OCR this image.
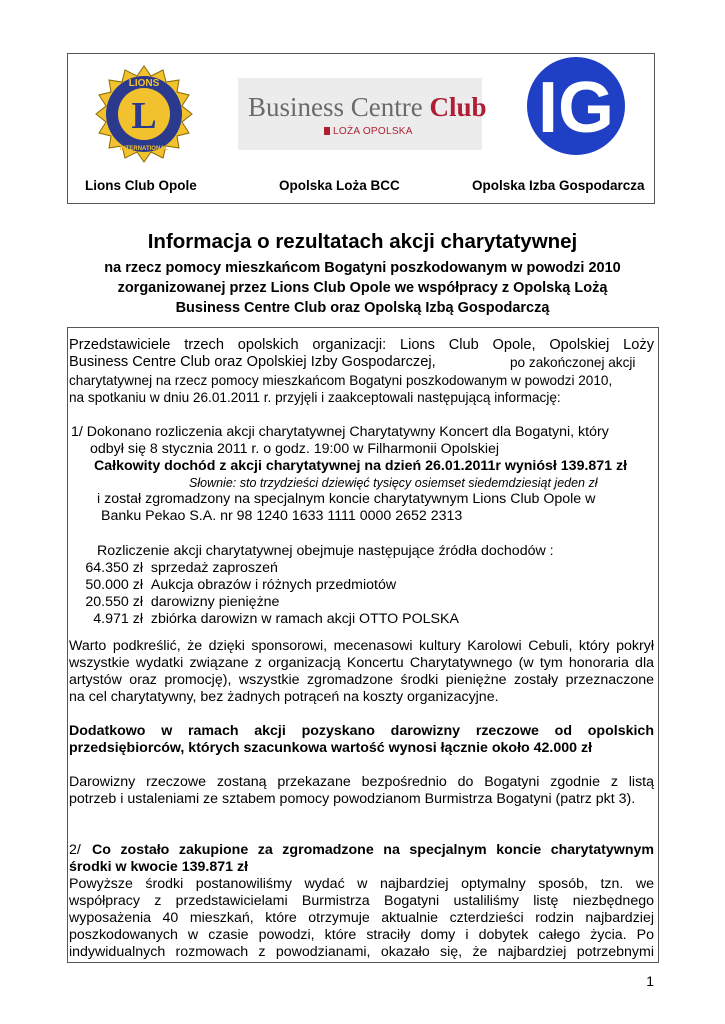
L
LIONS
INTERNATIONAL
Business Centre Club
LOŻA OPOLSKA IG
Lions Club Opole	Opolska Loża BCC	Opolska Izba Gospodarcza
Informacja o rezultatach akcji charytatywnej
na rzecz pomocy mieszkańcom Bogatyni poszkodowanym w powodzi 2010
zorganizowanej przez Lions Club Opole we współpracy z Opolską Lożą
Business Centre Club oraz Opolską Izbą Gospodarczą
Przedstawiciele trzech opolskich organizacji: Lions Club Opole, Opolskiej Loży
Business Centre Club oraz Opolskiej Izby Gospodarczej,	po zakończonej akcji
charytatywnej na rzecz pomocy mieszkańcom Bogatyni poszkodowanym w powodzi 2010,
na spotkaniu w dniu 26.01.2011 r. przyjęli i zaakceptowali następującą informację:
1/ Dokonano rozliczenia akcji charytatywnej Charytatywny Koncert dla Bogatyni, który
odbył się 8 stycznia 2011 r. o godz. 19:00 w Filharmonii Opolskiej
Całkowity dochód z akcji charytatywnej na dzień 26.01.2011r wyniósł 139.871 zł
Słownie: sto trzydzieści dziewięć tysięcy osiemset siedemdziesiąt jeden zł
i został zgromadzony na specjalnym koncie charytatywnym Lions Club Opole w
Banku Pekao S.A. nr 98 1240 1633 1111 0000 2652 2313
Rozliczenie akcji charytatywnej obejmuje następujące źródła dochodów :
64.350 zł sprzedaż zaproszeń
50.000 zł Aukcja obrazów i różnych przedmiotów
20.550 zł darowizny pieniężne
4.971 zł zbiórka darowizn w ramach akcji OTTO POLSKA
Warto podkreślić, że dzięki sponsorowi, mecenasowi kultury Karolowi Cebuli, który pokrył
wszystkie wydatki związane z organizacją Koncertu Charytatywnego (w tym honoraria dla
artystów oraz promocję), wszystkie zgromadzone środki pieniężne zostały przeznaczone
na cel charytatywny, bez żadnych potrąceń na koszty organizacyjne.
Dodatkowo w ramach akcji pozyskano darowizny rzeczowe od opolskich
przedsiębiorców, których szacunkowa wartość wynosi łącznie około 42.000 zł
Darowizny rzeczowe zostaną przekazane bezpośrednio do Bogatyni zgodnie z listą
potrzeb i ustaleniami ze sztabem pomocy powodzianom Burmistrza Bogatyni (patrz pkt 3).
2/ Co zostało zakupione za zgromadzone na specjalnym koncie charytatywnym
środki w kwocie 139.871 zł
Powyższe środki postanowiliśmy wydać w najbardziej optymalny sposób, tzn. we
współpracy z przedstawicielami Burmistrza Bogatyni ustaliliśmy listę niezbędnego
wyposażenia 40 mieszkań, które otrzymuje aktualnie czterdzieści rodzin najbardziej
poszkodowanych w czasie powodzi, które straciły domy i dobytek całego życia. Po
indywidualnych rozmowach z powodzianami, okazało się, że najbardziej potrzebnymi
1
